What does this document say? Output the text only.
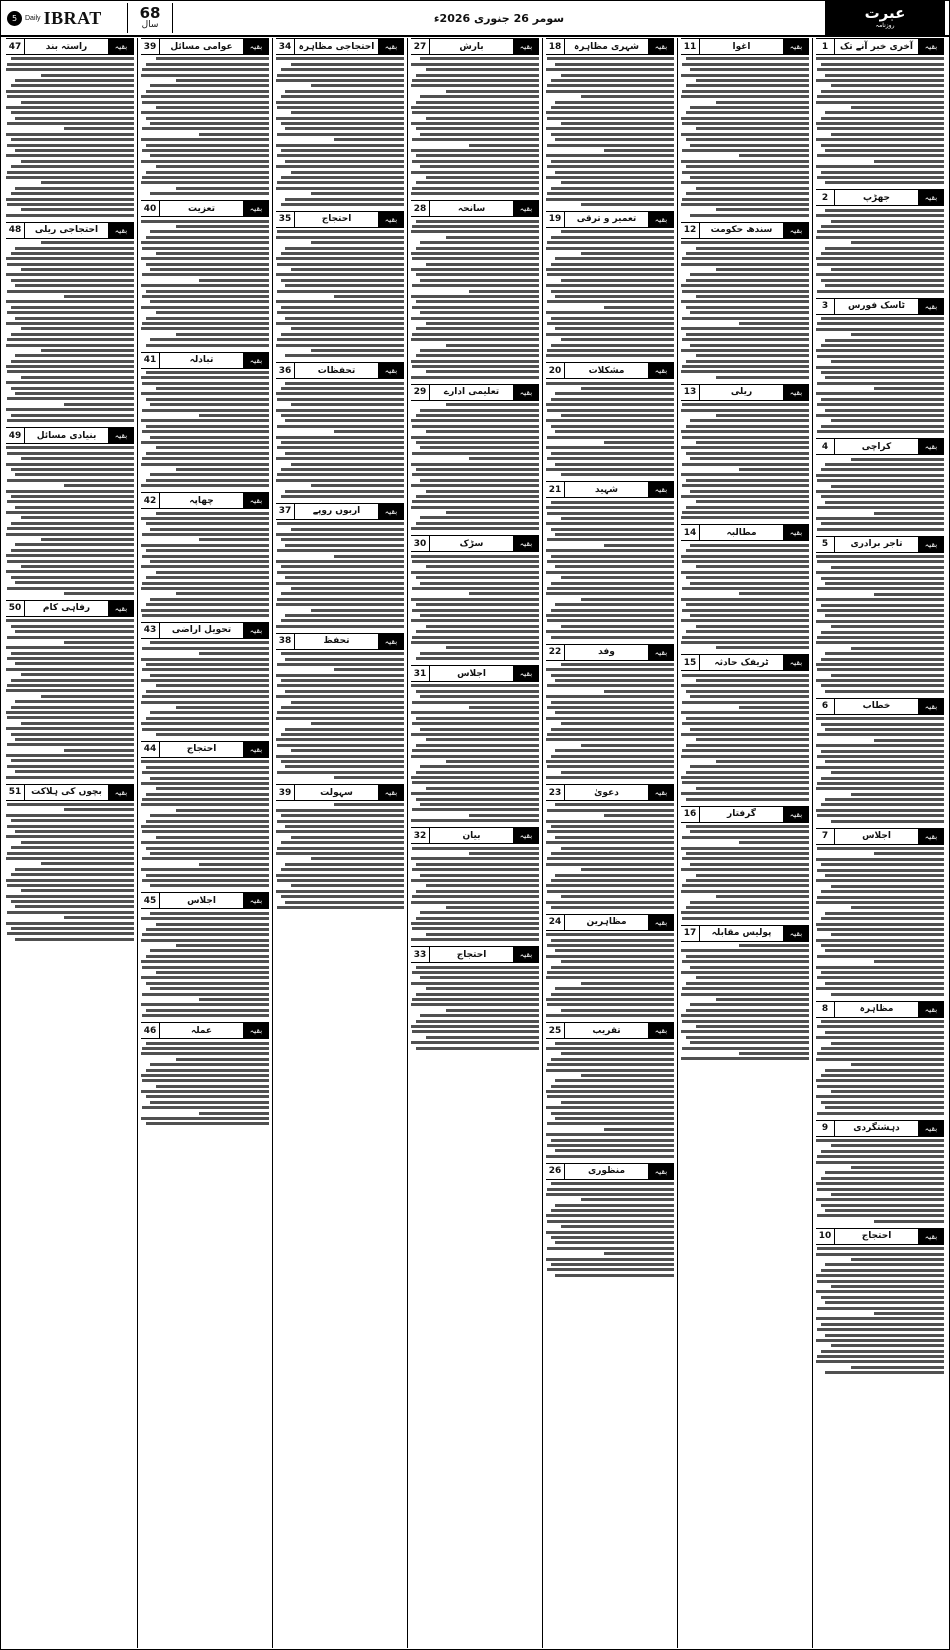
عبرت
روزنامہ
سومر 26 جنوری 2026ء
68
سال
5	Daily IBRAT
بقیہ
آخری خبر آنے تک
1
بقیہ
جھڑپ
2
بقیہ
ٹاسک فورس
3
بقیہ
کراچی
4
بقیہ
تاجر برادری
5
بقیہ
خطاب
6
بقیہ
اجلاس
7
بقیہ
مظاہرہ
8
بقیہ
دہشتگردی
9
بقیہ
احتجاج
10
بقیہ
اغوا
11
بقیہ
سندھ حکومت
12
بقیہ
ریلی
13
بقیہ
مطالبہ
14
بقیہ
ٹریفک حادثہ
15
بقیہ
گرفتار
16
بقیہ
پولیس مقابلہ
17
بقیہ
شہری مظاہرہ
18
بقیہ
تعمیر و ترقی
19
بقیہ
مشکلات
20
بقیہ
شہید
21
بقیہ
وفد
22
بقیہ
دعویٰ
23
بقیہ
مظاہرین
24
بقیہ
تقریب
25
بقیہ
منظوری
26
بقیہ
بارش
27
بقیہ
سانحہ
28
بقیہ
تعلیمی ادارے
29
بقیہ
سڑک
30
بقیہ
اجلاس
31
بقیہ
بیان
32
بقیہ
احتجاج
33
بقیہ
احتجاجی مظاہرہ
34
بقیہ
احتجاج
35
بقیہ
تحفظات
36
بقیہ
اربوں روپے
37
بقیہ
تحفظ
38
بقیہ
سہولت
39
بقیہ
عوامی مسائل
39
بقیہ
تعزیت
40
بقیہ
تبادلہ
41
بقیہ
چھاپہ
42
بقیہ
تحویل اراضی
43
بقیہ
احتجاج
44
بقیہ
اجلاس
45
بقیہ
عملہ
46
بقیہ
راستہ بند
47
بقیہ
احتجاجی ریلی
48
بقیہ
بنیادی مسائل
49
بقیہ
رفاہی کام
50
بقیہ
بچوں کی ہلاکت
51
